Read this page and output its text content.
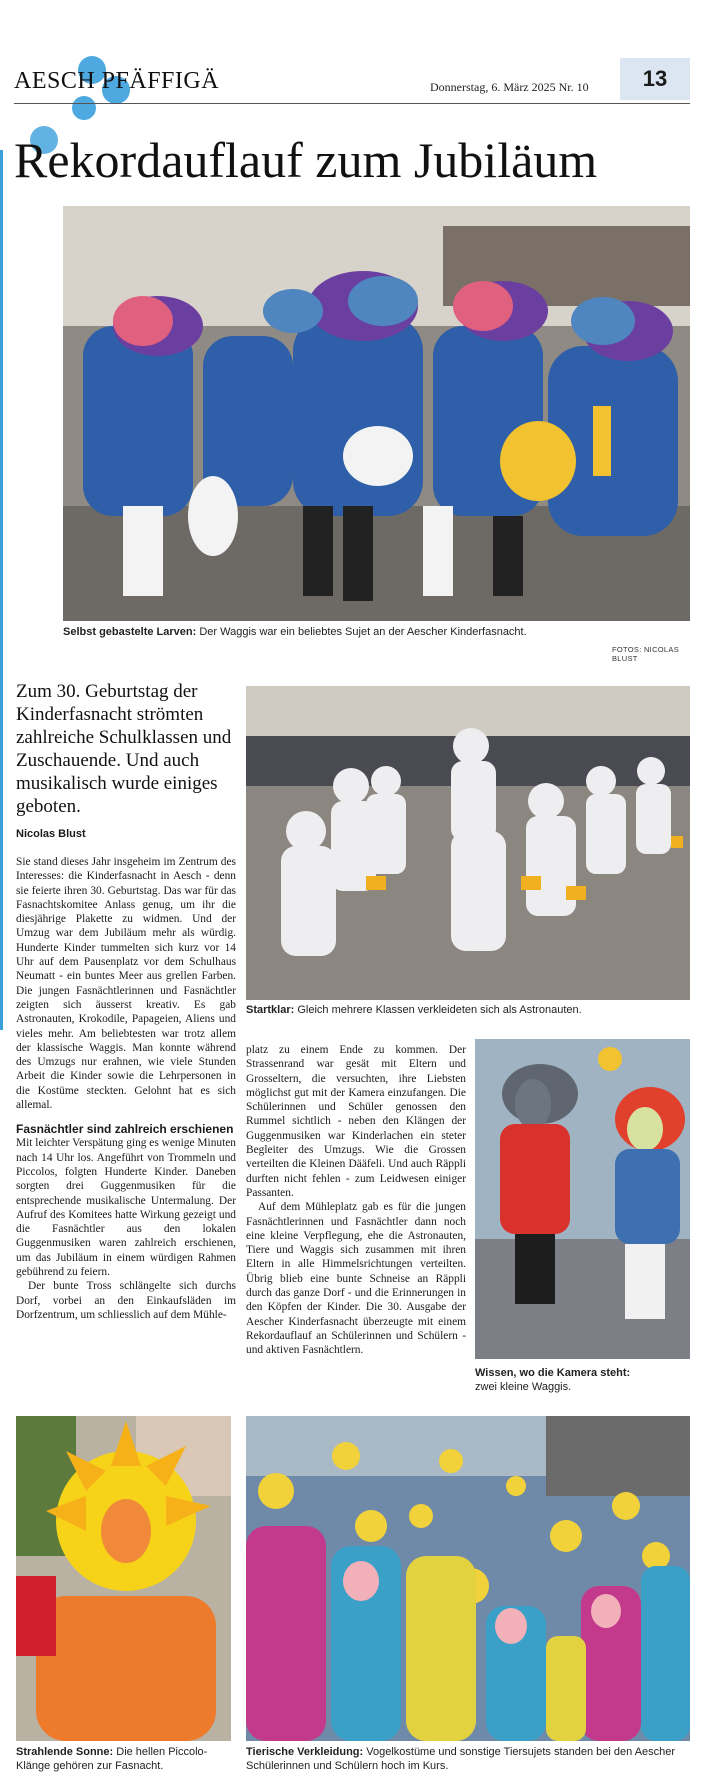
AESCH PFÄFFIGÄ	Donnerstag, 6. März 2025 Nr. 10	13
Rekordauflauf zum Jubiläum
Selbst gebastelte Larven: Der Waggis war ein beliebtes Sujet an der Aescher Kinderfasnacht.
FOTOS: NICOLAS BLUST
Startklar: Gleich mehrere Klassen verkleideten sich als Astronauten.
Zum 30. Geburtstag der Kinderfasnacht strömten zahlreiche Schulklassen und Zuschauende. Und auch musikalisch wurde einiges geboten.
Nicolas Blust

Sie stand dieses Jahr insgeheim im Zentrum des Interesses: die Kinderfasnacht in Aesch - denn sie feierte ihren 30. Geburtstag. Das war für das Fasnachtskomitee Anlass genug, um ihr die diesjährige Plakette zu widmen. Und der Umzug war dem Jubiläum mehr als würdig. Hunderte Kinder tummelten sich kurz vor 14 Uhr auf dem Pausenplatz vor dem Schulhaus Neumatt - ein buntes Meer aus grellen Farben. Die jungen Fasnächtlerinnen und Fasnächtler zeigten sich äusserst kreativ. Es gab Astronauten, Krokodile, Papageien, Aliens und vieles mehr. Am beliebtesten war trotz allem der klassische Waggis. Man konnte während des Umzugs nur erahnen, wie viele Stunden Arbeit die Kinder sowie die Lehrpersonen in die Kostüme steckten. Gelohnt hat es sich allemal.

Fasnächtler sind zahlreich erschienen

Mit leichter Verspätung ging es wenige Minuten nach 14 Uhr los. Angeführt von Trommeln und Piccolos, folgten Hunderte Kinder. Daneben sorgten drei Guggenmusiken für die entsprechende musikalische Untermalung. Der Aufruf des Komitees hatte Wirkung gezeigt und die Fasnächtler aus den lokalen Guggenmusiken waren zahlreich erschienen, um das Jubiläum in einem würdigen Rahmen gebührend zu feiern.

Der bunte Tross schlängelte sich durchs Dorf, vorbei an den Einkaufsläden im Dorfzentrum, um schliesslich auf dem Mühle-

platz zu einem Ende zu kommen. Der Strassenrand war gesät mit Eltern und Grosseltern, die versuchten, ihre Liebsten möglichst gut mit der Kamera einzufangen. Die Schülerinnen und Schüler genossen den Rummel sichtlich - neben den Klängen der Guggenmusiken war Kinderlachen ein steter Begleiter des Umzugs. Wie die Grossen verteilten die Kleinen Dääfeli. Und auch Räppli durften nicht fehlen - zum Leidwesen einiger Passanten.

Auf dem Mühleplatz gab es für die jungen Fasnächtlerinnen und Fasnächtler dann noch eine kleine Verpflegung, ehe die Astronauten, Tiere und Waggis sich zusammen mit ihren Eltern in alle Himmelsrichtungen verteilten. Übrig blieb eine bunte Schneise an Räppli durch das ganze Dorf - und die Erinnerungen in den Köpfen der Kinder. Die 30. Ausgabe der Aescher Kinderfasnacht überzeugte mit einem Rekordauflauf an Schülerinnen und Schülern - und aktiven Fasnächtlern.

Wissen, wo die Kamera steht:
zwei kleine Waggis.
Strahlende Sonne: Die hellen Piccolo-Klänge gehören zur Fasnacht.
Tierische Verkleidung: Vogelkostüme und sonstige Tiersujets standen bei den Aescher Schülerinnen und Schülern hoch im Kurs.
